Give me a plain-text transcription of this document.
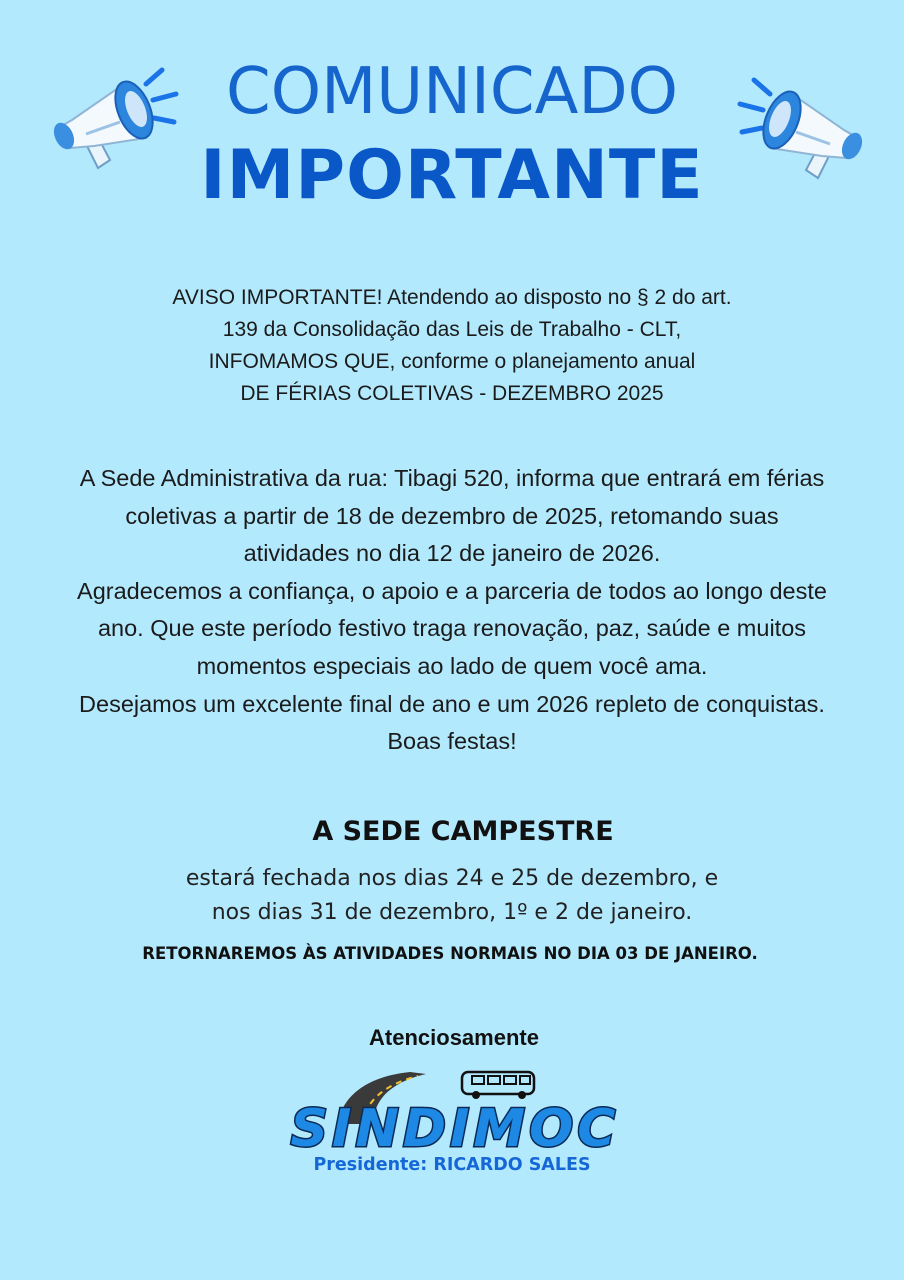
COMUNICADO
IMPORTANTE

AVISO IMPORTANTE! Atendendo ao disposto no § 2 do art.

139 da Consolidação das Leis de Trabalho - CLT,

INFOMAMOS QUE, conforme o planejamento anual

DE FÉRIAS COLETIVAS - DEZEMBRO 2025

A Sede Administrativa da rua: Tibagi 520, informa que entrará em férias

coletivas a partir de 18 de dezembro de 2025, retomando suas

atividades no dia 12 de janeiro de 2026.

Agradecemos a confiança, o apoio e a parceria de todos ao longo deste

ano. Que este período festivo traga renovação, paz, saúde e muitos

momentos especiais ao lado de quem você ama.

Desejamos um excelente final de ano e um 2026 repleto de conquistas.

Boas festas!

A SEDE CAMPESTRE

estará fechada nos dias 24 e 25 de dezembro, e

nos dias 31 de dezembro, 1º e 2 de janeiro.

RETORNAREMOS ÀS ATIVIDADES NORMAIS NO DIA 03 DE JANEIRO.
Atenciosamente
SINDIMOC
Presidente: RICARDO SALES
